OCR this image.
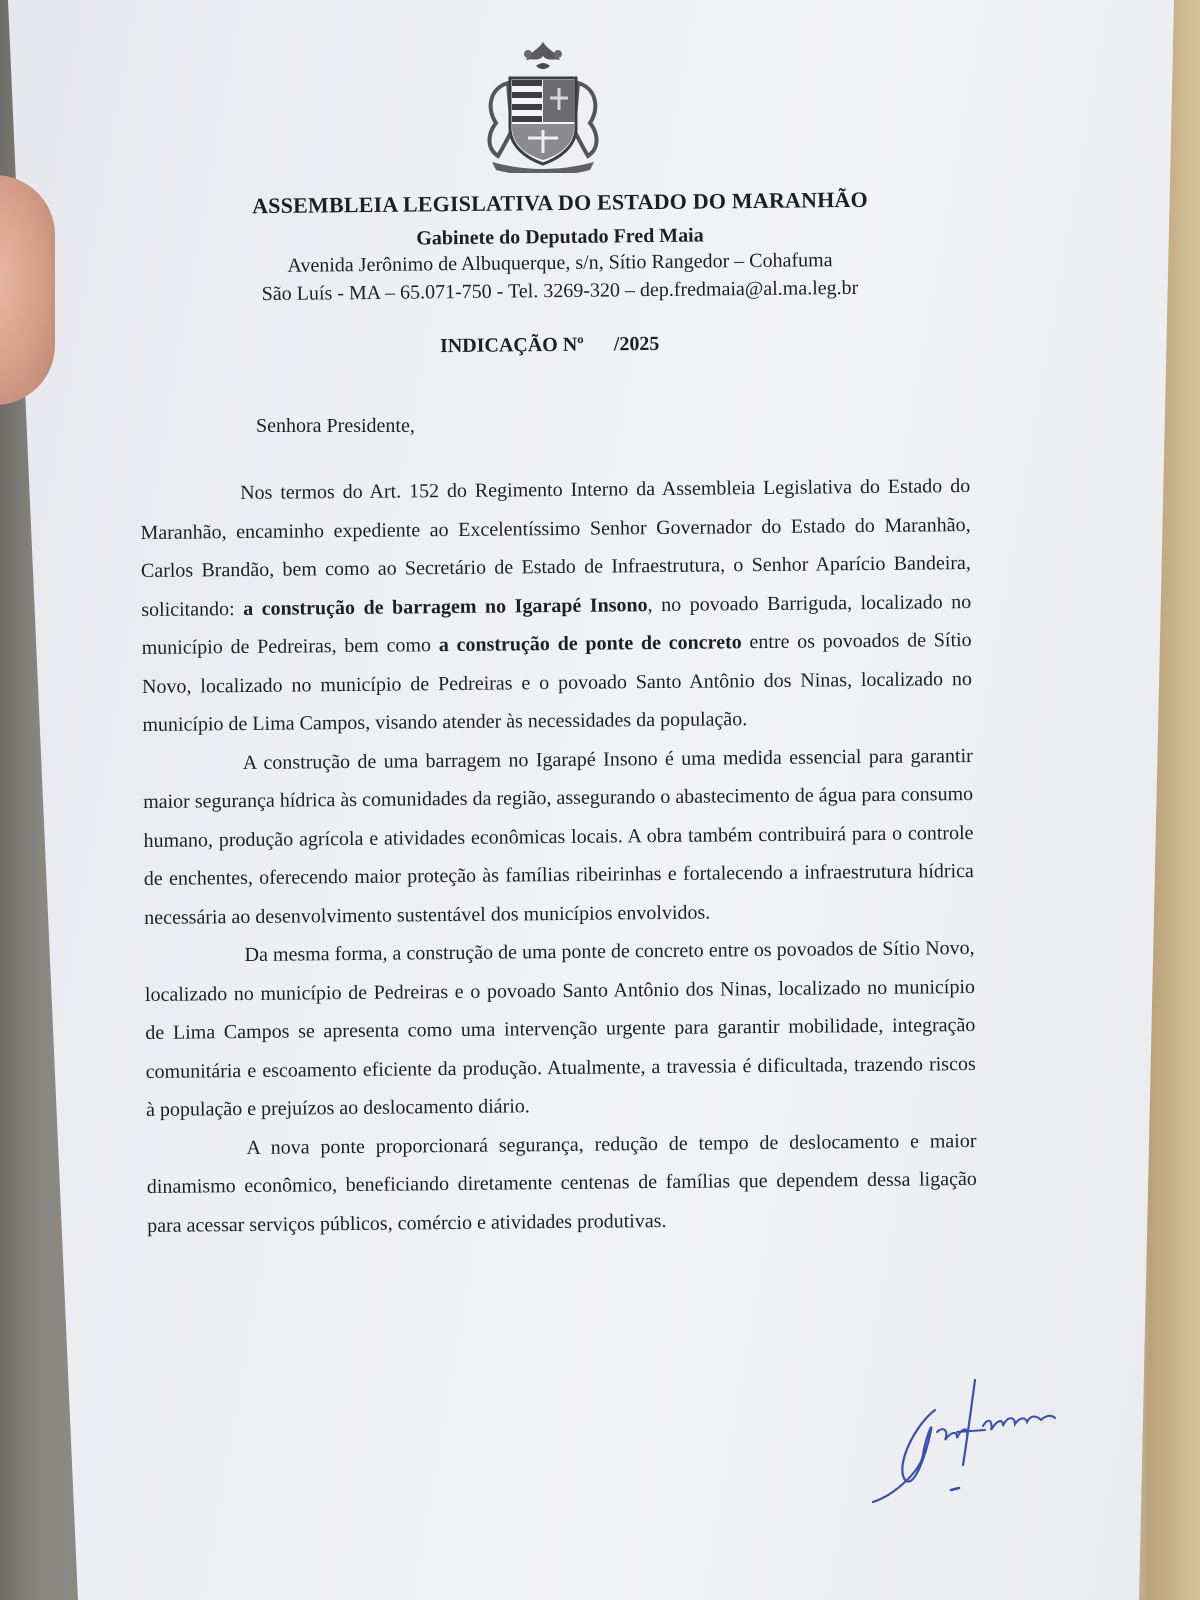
ASSEMBLEIA LEGISLATIVA DO ESTADO DO MARANHÃO

Gabinete do Deputado Fred Maia

Avenida Jerônimo de Albuquerque, s/n, Sítio Rangedor – Cohafuma

São Luís - MA – 65.071-750 - Tel. 3269-320 – dep.fredmaia@al.ma.leg.br

INDICAÇÃO Nº      /2025
Senhora Presidente,

Nos termos do Art. 152 do Regimento Interno da Assembleia Legislativa do Estado do Maranhão, encaminho expediente ao Excelentíssimo Senhor Governador do Estado do Maranhão, Carlos Brandão, bem como ao Secretário de Estado de Infraestrutura, o Senhor Aparício Bandeira, solicitando: a construção de barragem no Igarapé Insono, no povoado Barriguda, localizado no município de Pedreiras, bem como a construção de ponte de concreto entre os povoados de Sítio Novo, localizado no município de Pedreiras e o povoado Santo Antônio dos Ninas, localizado no município de Lima Campos, visando atender às necessidades da população.

A construção de uma barragem no Igarapé Insono é uma medida essencial para garantir maior segurança hídrica às comunidades da região, assegurando o abastecimento de água para consumo humano, produção agrícola e atividades econômicas locais. A obra também contribuirá para o controle de enchentes, oferecendo maior proteção às famílias ribeirinhas e fortalecendo a infraestrutura hídrica necessária ao desenvolvimento sustentável dos municípios envolvidos.

Da mesma forma, a construção de uma ponte de concreto entre os povoados de Sítio Novo, localizado no município de Pedreiras e o povoado Santo Antônio dos Ninas, localizado no município de Lima Campos se apresenta como uma intervenção urgente para garantir mobilidade, integração comunitária e escoamento eficiente da produção. Atualmente, a travessia é dificultada, trazendo riscos à população e prejuízos ao deslocamento diário.

A nova ponte proporcionará segurança, redução de tempo de deslocamento e maior dinamismo econômico, beneficiando diretamente centenas de famílias que dependem dessa ligação para acessar serviços públicos, comércio e atividades produtivas.
